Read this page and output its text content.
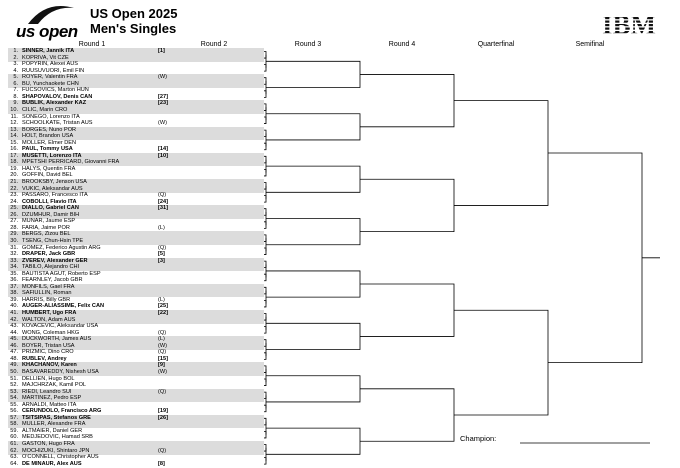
us open
US Open 2025
Men's Singles	IBM
Round 1	Round 2	Round 3	Round 4	Quarterfinal	Semifinal
1. SINNER, Jannik ITA	[1]
2. KOPRIVA, Vit CZE
3. POPYRIN, Alexei AUS
4. RUUSUVUORI, Emil FIN
5. ROYER, Valentin FRA	(W)
6. BU, Yunchaokete CHN
7. FUCSOVICS, Marton HUN
8. SHAPOVALOV, Denis CAN	[27]
9. BUBLIK, Alexander KAZ	[23]
10. CILIC, Marin CRO
11. SONEGO, Lorenzo ITA
12. SCHOOLKATE, Tristan AUS	(W)
13. BORGES, Nuno POR
14. HOLT, Brandon USA
15. MOLLER, Elmer DEN
16. PAUL, Tommy USA	[14]
17. MUSETTI, Lorenzo ITA	[10]
18. MPETSHI PERRICARD, Giovanni FRA
19. HALYS, Quentin FRA
20. GOFFIN, David BEL
21. BROOKSBY, Jenson USA
22. VUKIC, Aleksandar AUS
23. PASSARO, Francesco ITA	(Q)
24. COBOLLI, Flavio ITA	[24]
25. DIALLO, Gabriel CAN	[31]
26. DZUMHUR, Damir BIH
27. MUNAR, Jaume ESP
28. FARIA, Jaime POR	(L)
29. BERGS, Zizou BEL
30. TSENG, Chun-Hsin TPE
31. GOMEZ, Federico Agustin ARG	(Q)
32. DRAPER, Jack GBR	[5]
33. ZVEREV, Alexander GER	[3]
34. TABILO, Alejandro CHI
35. BAUTISTA AGUT, Roberto ESP
36. FEARNLEY, Jacob GBR
37. MONFILS, Gael FRA
38. SAFIULLIN, Roman
39. HARRIS, Billy GBR	(L)
40. AUGER-ALIASSIME, Felix CAN	[25]
41. HUMBERT, Ugo FRA	[22]
42. WALTON, Adam AUS
43. KOVACEVIC, Aleksandar USA
44. WONG, Coleman HKG	(Q)
45. DUCKWORTH, James AUS	(L)
46. BOYER, Tristan USA	(W)
47. PRIZMIC, Dino CRO	(Q)
48. RUBLEV, Andrey	[15]
49. KHACHANOV, Karen	[9]
50. BASAVAREDDY, Nishesh USA	(W)
51. DELLIEN, Hugo BOL
52. MAJCHRZAK, Kamil POL
53. RIEDI, Leandro SUI	(Q)
54. MARTINEZ, Pedro ESP
55. ARNALDI, Matteo ITA
56. CERUNDOLO, Francisco ARG	[19]
57. TSITSIPAS, Stefanos GRE	[26]
58. MULLER, Alexandre FRA
59. ALTMAIER, Daniel GER
60. MEDJEDOVIC, Hamad SRB
61. GASTON, Hugo FRA
62. MOCHIZUKI, Shintaro JPN	(Q)
63. O'CONNELL, Christopher AUS
64. DE MINAUR, Alex AUS	[8]
Champion:
